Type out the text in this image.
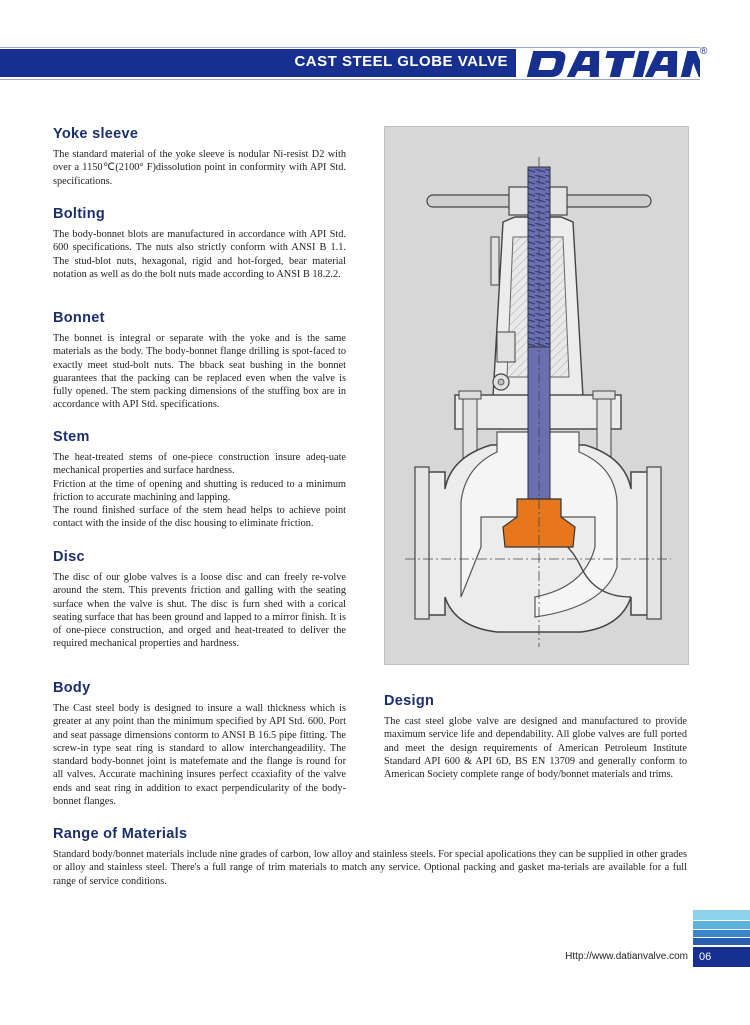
CAST STEEL GLOBE VALVE
®
Yoke sleeve

The standard material of the yoke sleeve is nodular Ni-resist D2 with over a 1150℃(2100° F)dissolution point in conformity with API Std. specifications.

Bolting

The body-bonnet blots are manufactured in accordance with API Std. 600 specifications. The nuts also strictly conform with ANSI B 1.1. The stud-blot nuts, hexagonal, rigid and hot-forged, bear material notation as well as do the bolt nuts made according to ANSI B 18.2.2.

Bonnet

The bonnet is integral or separate with the yoke and is the same materials as the body. The body-bonnet flange drilling is spot-faced to exactly meet stud-bolt nuts. The bback seat bushing in the bonnet guarantees that the packing can be replaced even when the valve is fully opened. The stem packing dimensions of the stuffing box are in accordance with API Std. specifications.

Stem

The heat-treated stems of one-piece construction insure adeq-uate mechanical properties and surface hardness.

Friction at the time of opening and shutting is reduced to a minimum friction to accurate machining and lapping.

The round finished surface of the stem head helps to achieve point contact with the inside of the disc housing to eliminate friction.

Disc

The disc of our globe valves is a loose disc and can freely re-volve around the stem. This prevents friction and galling with the seating surface when the valve is shut. The disc is furn shed with a corical seating surface that has been ground and lapped to a mirror finish. It is of one-piece construction, and orged and heat-treated to deliver the required mechanical properties and hardness.

Body

The Cast steel body is designed to insure a wall thickness which is greater at any point than the minimum specified by API Std. 600. Port and seat passage dimensions contorm to ANSI B 16.5 pipe fitting. The screw-in type seat ring is standard to allow interchangeadility. The standard body-bonnet joint is matefemate and the flange is round for all valves. Accurate machining insures perfect ccaxiafity of the valve ends and seat ring in addition to exact perpendicularity of the body-bonnet flanges.

Design

The cast steel globe valve are designed and manufactured to provide maximum service life and dependability. All globe valves are full ported and meet the design requirements of American Petroleum Institute Standard API 600 & API 6D, BS EN 13709 and generally conform to American Society complete range of body/bonnet materials and trims.

Range of Materials

Standard body/bonnet materials include nine grades of carbon, low alloy and stainless steels. For special apolications they can be supplied in other grades or alloy and stainless steel. There's a full range of trim materials to match any service. Optional packing and gasket ma-terials are available for a full range of service conditions.

Http://www.datianvalve.com	06
